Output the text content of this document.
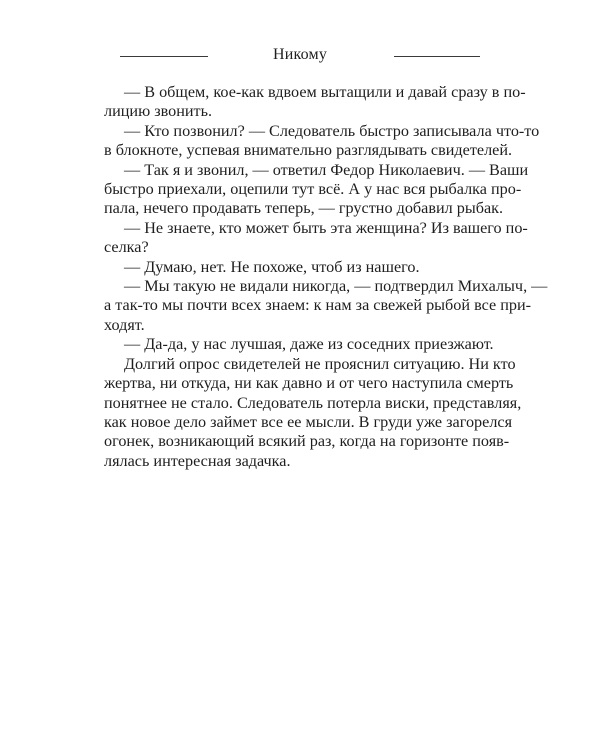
Никому
— В общем, кое-как вдвоем вытащили и давай сразу в по-
лицию звонить.
— Кто позвонил? — Следователь быстро записывала что-то
в блокноте, успевая внимательно разглядывать свидетелей.
— Так я и звонил, — ответил Федор Николаевич. — Ваши
быстро приехали, оцепили тут всё. А у нас вся рыбалка про-
пала, нечего продавать теперь, — грустно добавил рыбак.
— Не знаете, кто может быть эта женщина? Из вашего по-
селка?
— Думаю, нет. Не похоже, чтоб из нашего.
— Мы такую не видали никогда, — подтвердил Михалыч, —
а так-то мы почти всех знаем: к нам за свежей рыбой все при-
ходят.
— Да-да, у нас лучшая, даже из соседних приезжают.
Долгий опрос свидетелей не прояснил ситуацию. Ни кто
жертва, ни откуда, ни как давно и от чего наступила смерть
понятнее не стало. Следователь потерла виски, представляя,
как новое дело займет все ее мысли. В груди уже загорелся
огонек, возникающий всякий раз, когда на горизонте появ-
лялась интересная задачка.
